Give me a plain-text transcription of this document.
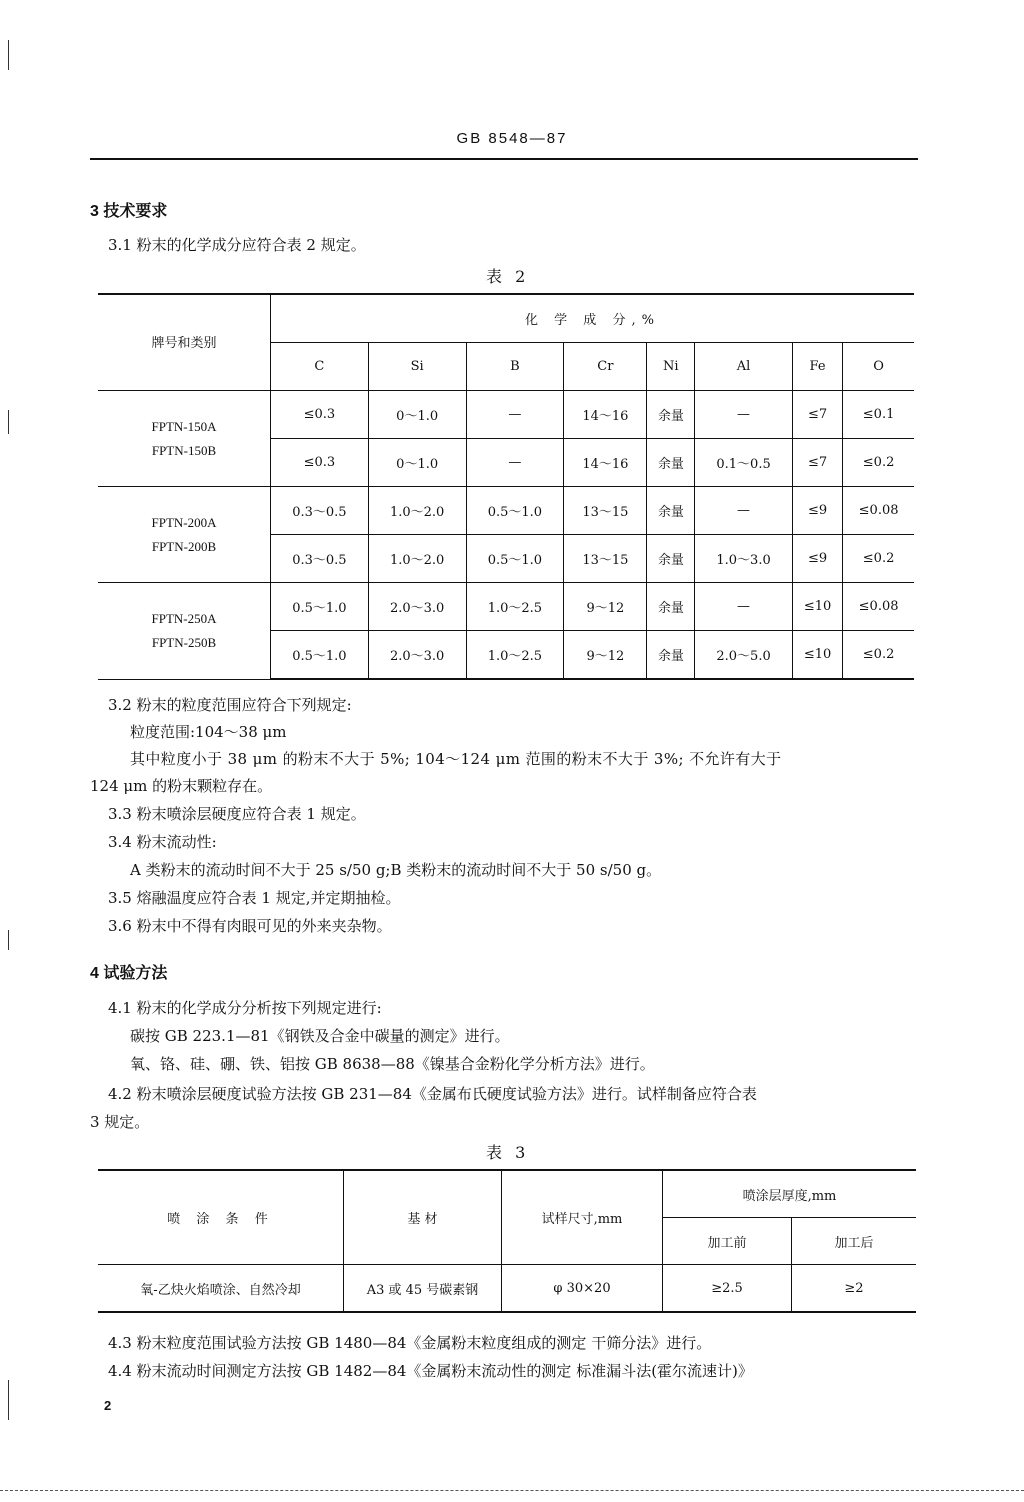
GB 8548—87
3 技术要求
3.1 粉末的化学成分应符合表 2 规定。
表 2
牌号和类别	化 学 成 分,%							
	C	Si	B	Cr	Ni	Al	Fe	O

FPTN-150A
FPTN-150B	≤0.3	0～1.0	—	14～16	余量	—	≤7	≤0.1
	≤0.3	0～1.0	—	14～16	余量	0.1～0.5	≤7	≤0.2

FPTN-200A
FPTN-200B	0.3～0.5	1.0～2.0	0.5～1.0	13～15	余量	—	≤9	≤0.08
	0.3～0.5	1.0～2.0	0.5～1.0	13～15	余量	1.0～3.0	≤9	≤0.2

FPTN-250A
FPTN-250B	0.5～1.0	2.0～3.0	1.0～2.5	9～12	余量	—	≤10	≤0.08
	0.5～1.0	2.0～3.0	1.0～2.5	9～12	余量	2.0～5.0	≤10	≤0.2
3.2 粉末的粒度范围应符合下列规定:
粒度范围:104～38 μm
其中粒度小于 38 μm 的粉末不大于 5%; 104～124 μm 范围的粉末不大于 3%; 不允许有大于
124 μm 的粉末颗粒存在。
3.3 粉末喷涂层硬度应符合表 1 规定。
3.4 粉末流动性:
A 类粉末的流动时间不大于 25 s/50 g;B 类粉末的流动时间不大于 50 s/50 g。
3.5 熔融温度应符合表 1 规定,并定期抽检。
3.6 粉末中不得有肉眼可见的外来夹杂物。
4 试验方法
4.1 粉末的化学成分分析按下列规定进行:
碳按 GB 223.1—81《钢铁及合金中碳量的测定》进行。
氧、铬、硅、硼、铁、铝按 GB 8638—88《镍基合金粉化学分析方法》进行。
4.2 粉末喷涂层硬度试验方法按 GB 231—84《金属布氏硬度试验方法》进行。试样制备应符合表
3 规定。
表 3
喷 涂 条 件	基 材	试样尺寸,mm	喷涂层厚度,mm	
			加工前	加工后
氧-乙炔火焰喷涂、自然冷却	A3 或 45 号碳素钢	φ 30×20	≥2.5	≥2
4.3 粉末粒度范围试验方法按 GB 1480—84《金属粉末粒度组成的测定 干筛分法》进行。
4.4 粉末流动时间测定方法按 GB 1482—84《金属粉末流动性的测定 标准漏斗法(霍尔流速计)》
2
